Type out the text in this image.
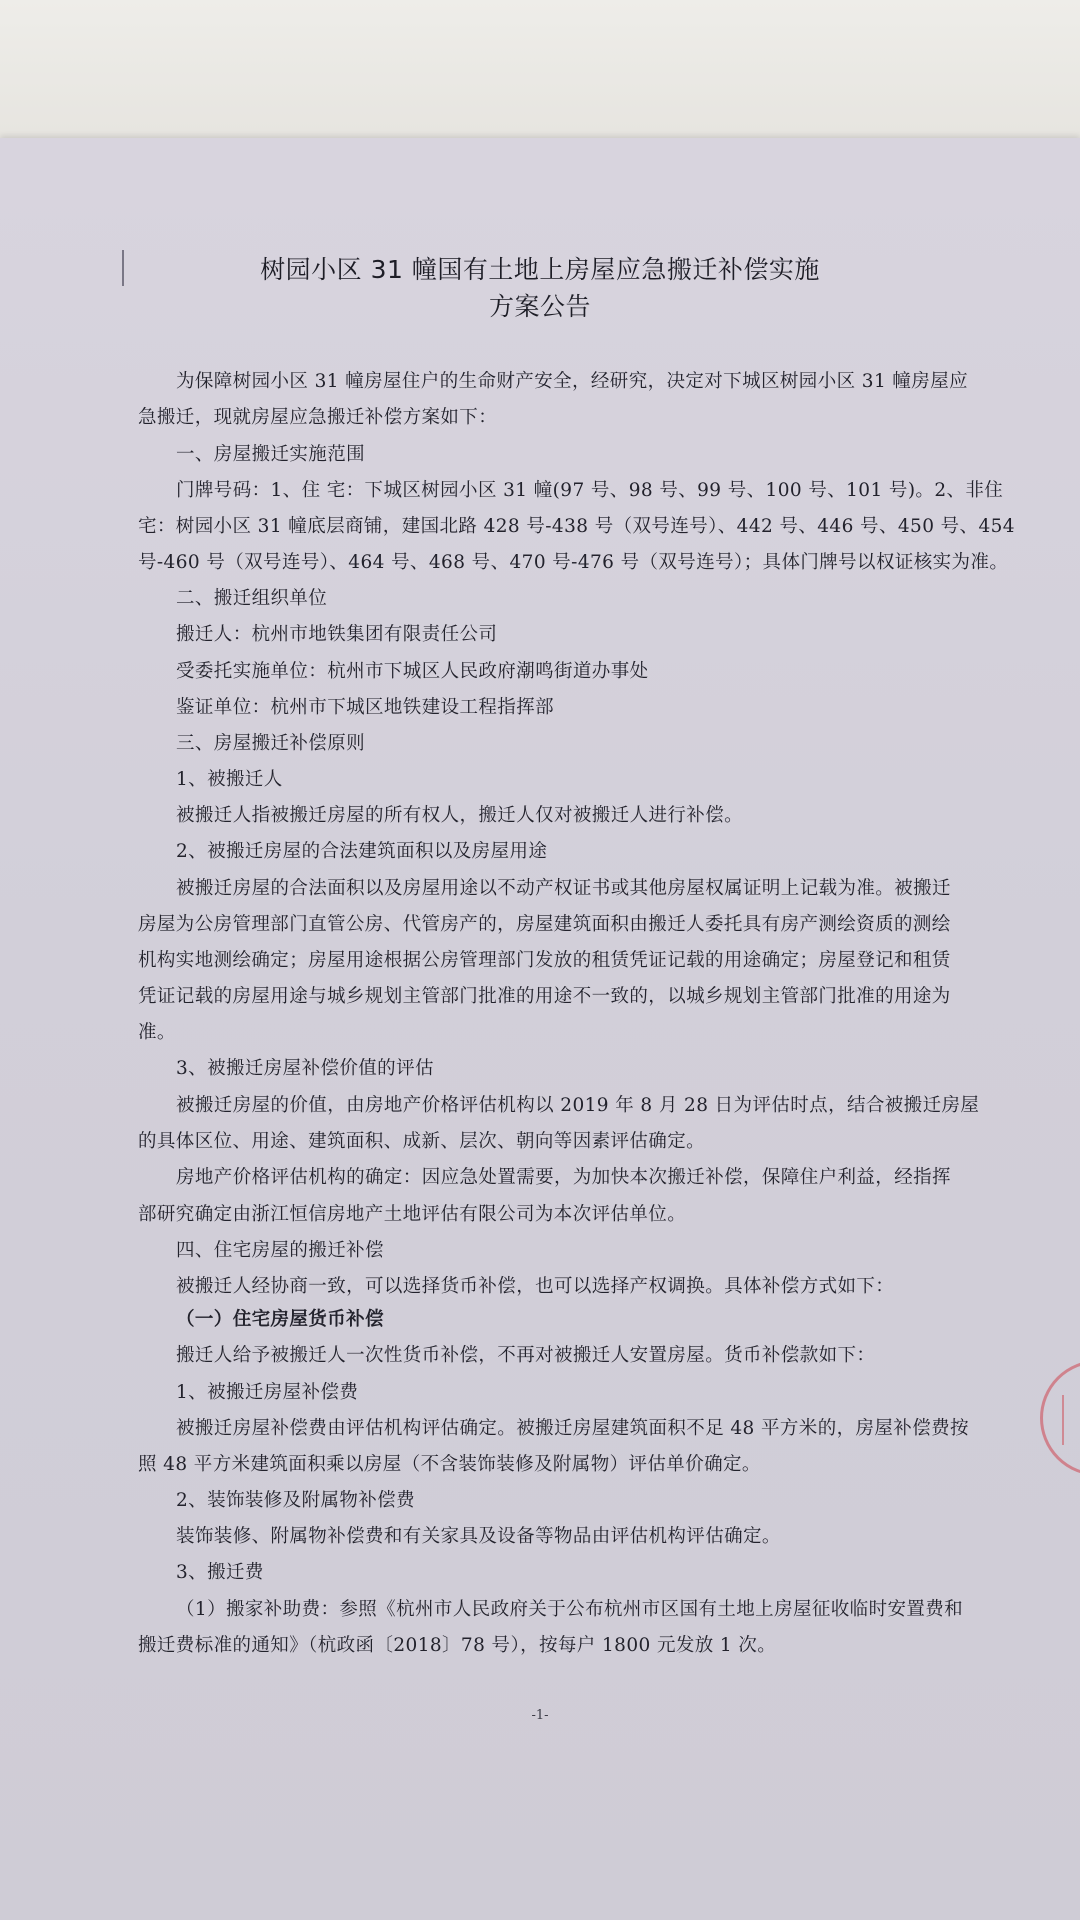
树园小区 31 幢国有土地上房屋应急搬迁补偿实施
方案公告
为保障树园小区 31 幢房屋住户的生命财产安全，经研究，决定对下城区树园小区 31 幢房屋应
急搬迁，现就房屋应急搬迁补偿方案如下：
一、房屋搬迁实施范围
门牌号码：1、住 宅：下城区树园小区 31 幢(97 号、98 号、99 号、100 号、101 号)。2、非住
宅：树园小区 31 幢底层商铺，建国北路 428 号-438 号（双号连号）、442 号、446 号、450 号、454
号-460 号（双号连号）、464 号、468 号、470 号-476 号（双号连号）；具体门牌号以权证核实为准。
二、搬迁组织单位
搬迁人：杭州市地铁集团有限责任公司
受委托实施单位：杭州市下城区人民政府潮鸣街道办事处
鉴证单位：杭州市下城区地铁建设工程指挥部
三、房屋搬迁补偿原则
1、被搬迁人
被搬迁人指被搬迁房屋的所有权人，搬迁人仅对被搬迁人进行补偿。
2、被搬迁房屋的合法建筑面积以及房屋用途
被搬迁房屋的合法面积以及房屋用途以不动产权证书或其他房屋权属证明上记载为准。被搬迁
房屋为公房管理部门直管公房、代管房产的，房屋建筑面积由搬迁人委托具有房产测绘资质的测绘
机构实地测绘确定；房屋用途根据公房管理部门发放的租赁凭证记载的用途确定；房屋登记和租赁
凭证记载的房屋用途与城乡规划主管部门批准的用途不一致的，以城乡规划主管部门批准的用途为
准。
3、被搬迁房屋补偿价值的评估
被搬迁房屋的价值，由房地产价格评估机构以 2019 年 8 月 28 日为评估时点，结合被搬迁房屋
的具体区位、用途、建筑面积、成新、层次、朝向等因素评估确定。
房地产价格评估机构的确定：因应急处置需要，为加快本次搬迁补偿，保障住户利益，经指挥
部研究确定由浙江恒信房地产土地评估有限公司为本次评估单位。
四、住宅房屋的搬迁补偿
被搬迁人经协商一致，可以选择货币补偿，也可以选择产权调换。具体补偿方式如下：
（一）住宅房屋货币补偿
搬迁人给予被搬迁人一次性货币补偿，不再对被搬迁人安置房屋。货币补偿款如下：
1、被搬迁房屋补偿费
被搬迁房屋补偿费由评估机构评估确定。被搬迁房屋建筑面积不足 48 平方米的，房屋补偿费按
照 48 平方米建筑面积乘以房屋（不含装饰装修及附属物）评估单价确定。
2、装饰装修及附属物补偿费
装饰装修、附属物补偿费和有关家具及设备等物品由评估机构评估确定。
3、搬迁费
（1）搬家补助费：参照《杭州市人民政府关于公布杭州市区国有土地上房屋征收临时安置费和
搬迁费标准的通知》（杭政函〔2018〕78 号），按每户 1800 元发放 1 次。
-1-
